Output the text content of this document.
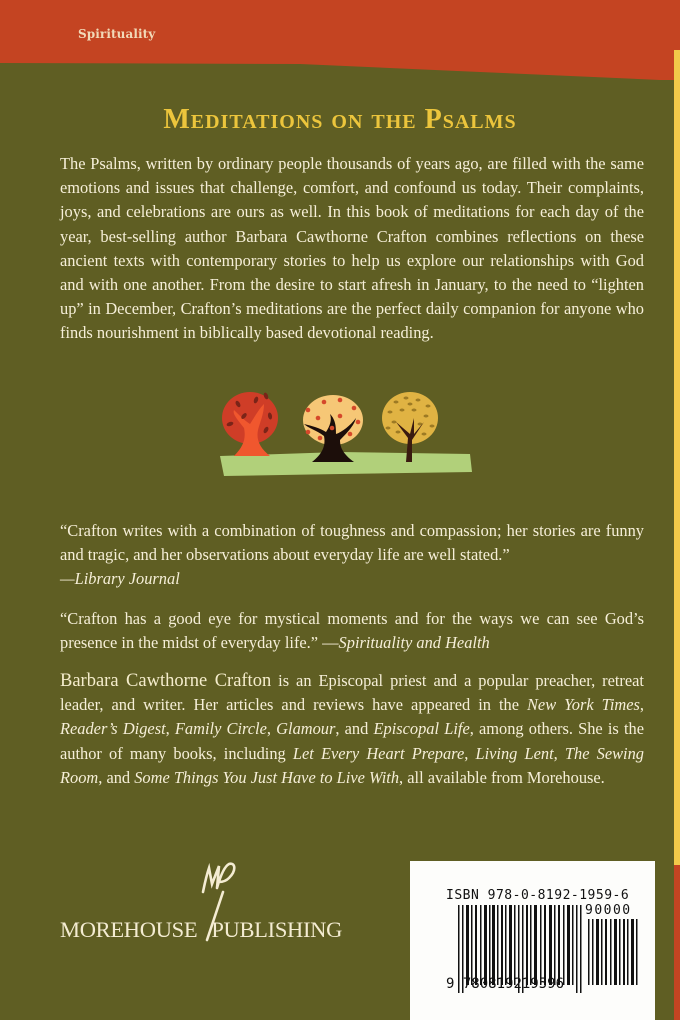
Spirituality
Meditations on the Psalms

The Psalms, written by ordinary people thousands of years ago, are filled with the same emotions and issues that challenge, comfort, and confound us today. Their complaints, joys, and celebrations are ours as well. In this book of meditations for each day of the year, best-selling author Barbara Cawthorne Crafton combines reflections on these ancient texts with contemporary stories to help us explore our relationships with God and with one another. From the desire to start afresh in January, to the need to “lighten up” in December, Crafton’s meditations are the perfect daily companion for anyone who finds nourishment in biblically based devotional reading.

“Crafton writes with a combination of toughness and compassion; her stories are funny and tragic, and her observations about everyday life are well stated.”
—Library Journal

“Crafton has a good eye for mystical moments and for the ways we can see God’s presence in the midst of everyday life.” —Spirituality and Health

Barbara Cawthorne Crafton is an Episcopal priest and a popular preacher, retreat leader, and writer. Her articles and reviews have appeared in the New York Times, Reader’s Digest, Family Circle, Glamour, and Episcopal Life, among others. She is the author of many books, including Let Every Heart Prepare, Living Lent, The Sewing Room, and Some Things You Just Have to Live With, all available from Morehouse.

MOREHOUSE PUBLISHING
ISBN 978-0-8192-1959-6
90000
9 780819219596
